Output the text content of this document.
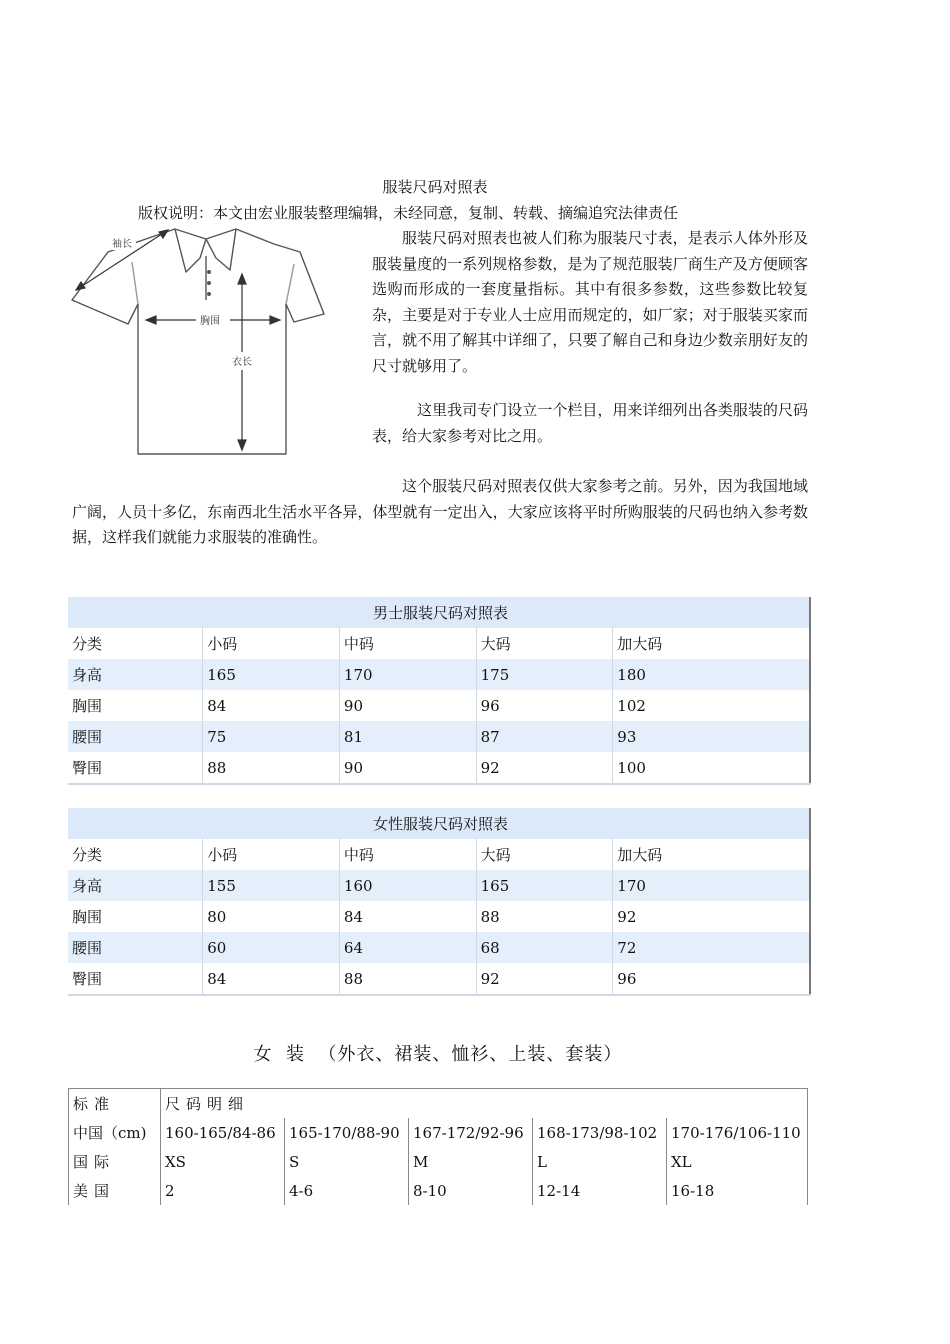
服装尺码对照表
版权说明：本文由宏业服装整理编辑，未经同意，复制、转载、摘编追究法律责任
袖长
胸围
衣长
服装尺码对照表也被人们称为服装尺寸表，是表示人体外形及服装量度的一系列规格参数，是为了规范服装厂商生产及方便顾客选购而形成的一套度量指标。其中有很多参数，这些参数比较复杂，主要是对于专业人士应用而规定的，如厂家；对于服装买家而言，就不用了解其中详细了，只要了解自己和身边少数亲朋好友的尺寸就够用了。
这里我司专门设立一个栏目，用来详细列出各类服装的尺码表，给大家参考对比之用。
这个服装尺码对照表仅供大家参考之前。另外，因为我国地域广阔，人员十多亿，东南西北生活水平各异，体型就有一定出入，大家应该将平时所购服装的尺码也纳入参考数据，这样我们就能力求服装的准确性。
男士服装尺码对照表				
分类	小码	中码	大码	加大码
身高	165	170	175	180
胸围	84	90	96	102
腰围	75	81	87	93
臀围	88	90	92	100
女性服装尺码对照表				
分类	小码	中码	大码	加大码
身高	155	160	165	170
胸围	80	84	88	92
腰围	60	64	68	72
臀围	84	88	92	96
女  装  （外衣、裙装、恤衫、上装、套装）
标准	尺码明细				
中国（cm)	160-165/84-86	165-170/88-90	167-172/92-96	168-173/98-102	170-176/106-110
国际	XS	S	M	L	XL
美国	2	4-6	8-10	12-14	16-18
